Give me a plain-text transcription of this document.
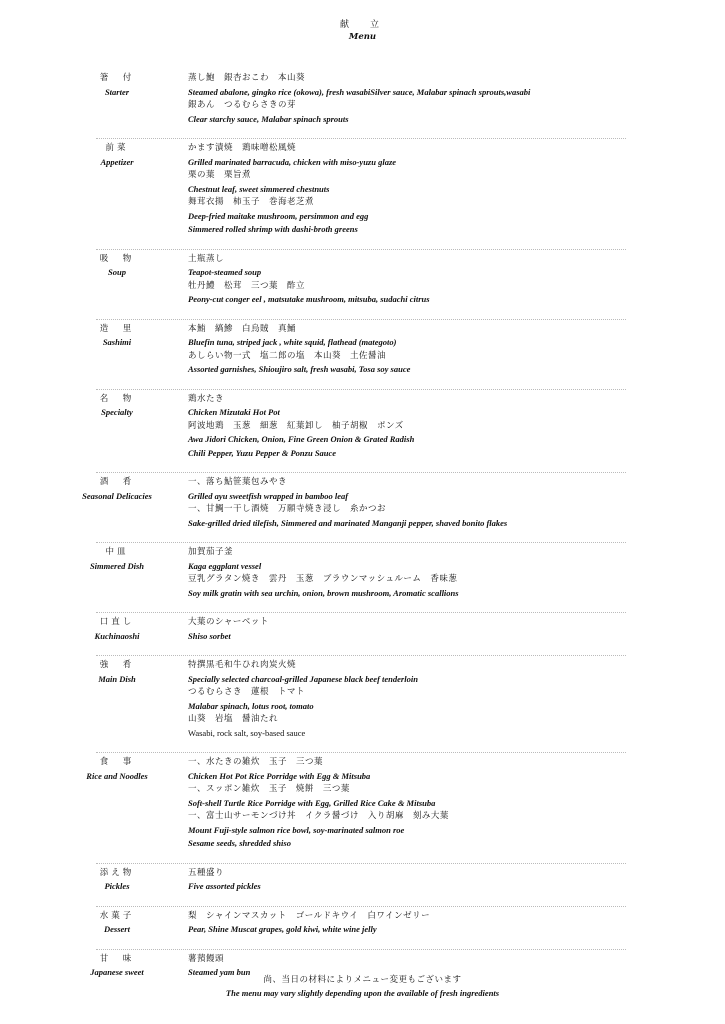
献　立
Menu
箸　付
Starter
蒸し鮑　銀杏おこわ　本山葵
Steamed abalone, gingko rice (okowa), fresh wasabiSilver sauce, Malabar spinach sprouts,wasabi
銀あん　つるむらさきの芽
Clear starchy sauce, Malabar spinach sprouts
前菜
Appetizer
かます漬焼　鶏味噌松風焼
Grilled marinated barracuda, chicken with miso-yuzu glaze
栗の葉　栗旨煮
Chestnut leaf, sweet simmered chestnuts
舞茸衣揚　柿玉子　巻海老芝煮
Deep-fried maitake mushroom, persimmon and egg
Simmered rolled shrimp with dashi-broth greens
吸　物
Soup
土瓶蒸し
Teapot-steamed soup
牡丹鱧　松茸　三つ葉　酢立
Peony-cut conger eel , matsutake mushroom, mitsuba, sudachi citrus
造　里
Sashimi
本鮪　縞鯵　白烏賊　真鯒
Bluefin tuna, striped jack , white squid, flathead (mategoto)
あしらい物一式　塩二郎の塩　本山葵　土佐醤油
Assorted garnishes, Shioujiro salt, fresh wasabi, Tosa soy sauce
名　物
Specialty
鶏水たき
Chicken Mizutaki Hot Pot
阿波地鶏　玉葱　細葱　紅葉卸し　柚子胡椒　ポンズ
Awa Jidori Chicken, Onion, Fine Green Onion & Grated Radish
Chili Pepper, Yuzu Pepper & Ponzu Sauce
酒　肴
Seasonal Delicacies
一、落ち鮎笹葉包みやき
Grilled ayu sweetfish wrapped in bamboo leaf
一、甘鯛一干し酒焼　万願寺焼き浸し　糸かつお
Sake-grilled dried tilefish, Simmered and marinated Manganji pepper, shaved bonito flakes
中皿
Simmered Dish
加賀茄子釜
Kaga eggplant vessel
豆乳グラタン焼き　雲丹　玉葱　ブラウンマッシュルーム　香味葱
Soy milk gratin with sea urchin, onion, brown mushroom, Aromatic scallions
口直し
Kuchinaoshi
大葉のシャーベット
Shiso sorbet
強　肴
Main Dish
特撰黒毛和牛ひれ肉炭火焼
Specially selected charcoal-grilled Japanese black beef tenderloin
つるむらさき　蓮根　トマト
Malabar spinach, lotus root, tomato
山葵　岩塩　醤油たれ
Wasabi, rock salt, soy-based sauce
食　事
Rice and Noodles
一、水たきの雑炊　玉子　三つ葉
Chicken Hot Pot Rice Porridge with Egg & Mitsuba
一、スッポン雑炊　玉子　焼餅　三つ葉
Soft-shell Turtle Rice Porridge with Egg, Grilled Rice Cake & Mitsuba
一、富士山サーモンづけ丼　イクラ醤づけ　入り胡麻　刻み大葉
Mount Fuji-style salmon rice bowl, soy-marinated salmon roe
Sesame seeds, shredded shiso
添え物
Pickles
五種盛り
Five assorted pickles
水菓子
Dessert
梨　シャインマスカット　ゴールドキウイ　白ワインゼリー
Pear, Shine Muscat grapes, gold kiwi, white wine jelly
甘　味
Japanese sweet
薯蕷饅頭
Steamed yam bun
尚、当日の材料によりメニュー変更もございます
The menu may vary slightly depending upon the available of fresh ingredients
